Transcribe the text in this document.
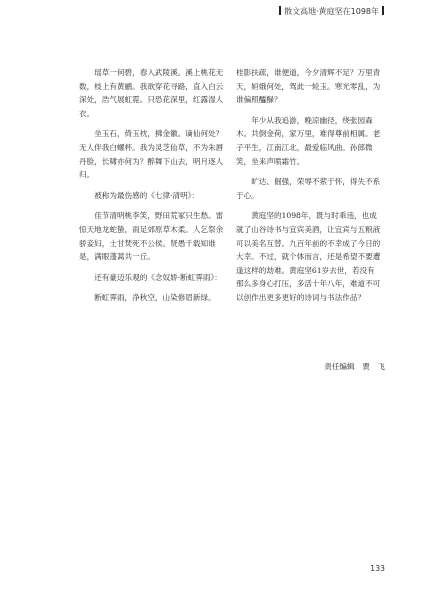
散文高地·黄庭坚在1098年

瑶草一何碧，春入武陵溪。溪上桃花无数，枝上有黄鹂。我欲穿花寻路，直入白云深处，浩气展虹霓。只恐花深里，红露湿人衣。

坐玉石，倚玉枕，拂金徽。谪仙何处？无人伴我白螺杯。我为灵芝仙草，不为朱唇丹脸，长啸亦何为？醉舞下山去，明月逐人归。

被称为最伤感的《七律·清明》：

佳节清明桃李笑，野田荒冢只生愁。雷惊天地龙蛇蛰，雨足郊原草木柔。人乞祭余骄妾妇，士甘焚死不公侯。贤愚千载知谁是，满眼蓬蒿共一丘。

还有豪迈乐观的《念奴娇·断虹霁雨》：

断虹霁雨，净秋空，山染修眉新绿。

桂影扶疏，谁便道，今夕清辉不足？万里青天，姮娥何处，驾此一轮玉。寒光零乱，为谁偏照醽醁？

年少从我追游，晚凉幽径，绕张园森木。共倒金荷，家万里，难得尊前相属。老子平生，江南江北，最爱临风曲。孙郎微笑，坐来声喷霜竹。

旷达、倔强，荣辱不萦于怀，得失不系于心。

黄庭坚的1098年，既与时乖违，也成就了山谷诗书与宜宾美酒，让宜宾与五粮液可以美名互替。九百年前的不幸成了今日的大幸。不过，就个体而言，还是希望不要遭逢这样的劫难。黄庭坚61岁去世，若没有那么多身心打压，多活十年八年，难道不可以创作出更多更好的诗词与书法作品？

责任编辑　贾　飞
133
